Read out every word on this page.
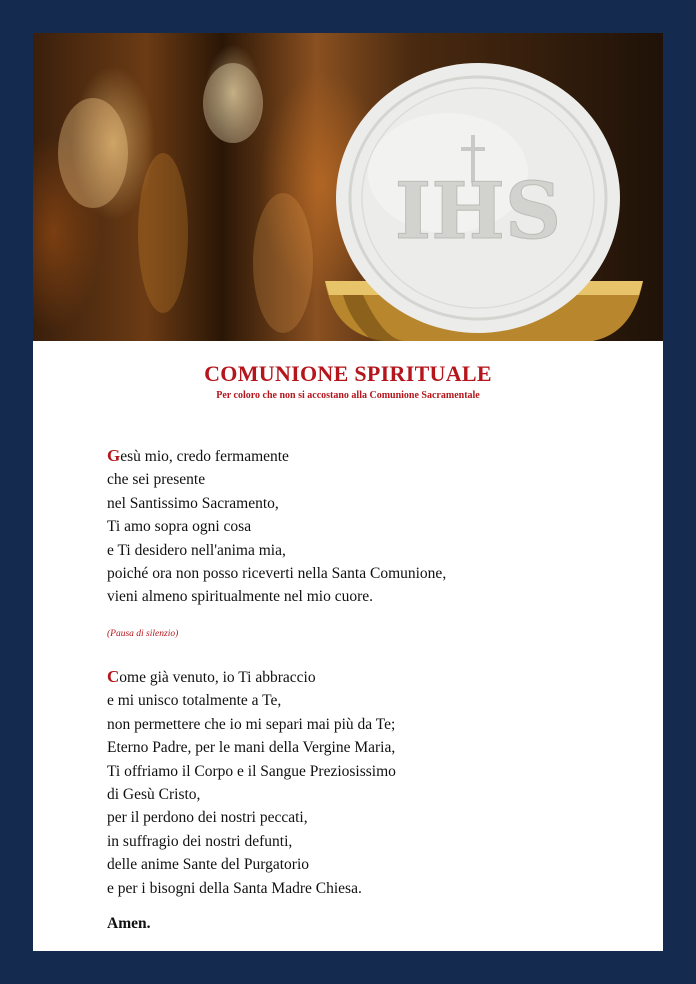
IHS
COMUNIONE SPIRITUALE
Per coloro che non si accostano alla Comunione Sacramentale
Gesù mio, credo fermamente
che sei presente
nel Santissimo Sacramento,
Ti amo sopra ogni cosa
e Ti desidero nell'anima mia,
poiché ora non posso riceverti nella Santa Comunione,
vieni almeno spiritualmente nel mio cuore.
(Pausa di silenzio)
Come già venuto, io Ti abbraccio
e mi unisco totalmente a Te,
non permettere che io mi separi mai più da Te;
Eterno Padre, per le mani della Vergine Maria,
Ti offriamo il Corpo e il Sangue Preziosissimo
di Gesù Cristo,
per il perdono dei nostri peccati,
in suffragio dei nostri defunti,
delle anime Sante del Purgatorio
e per i bisogni della Santa Madre Chiesa.
Amen.
